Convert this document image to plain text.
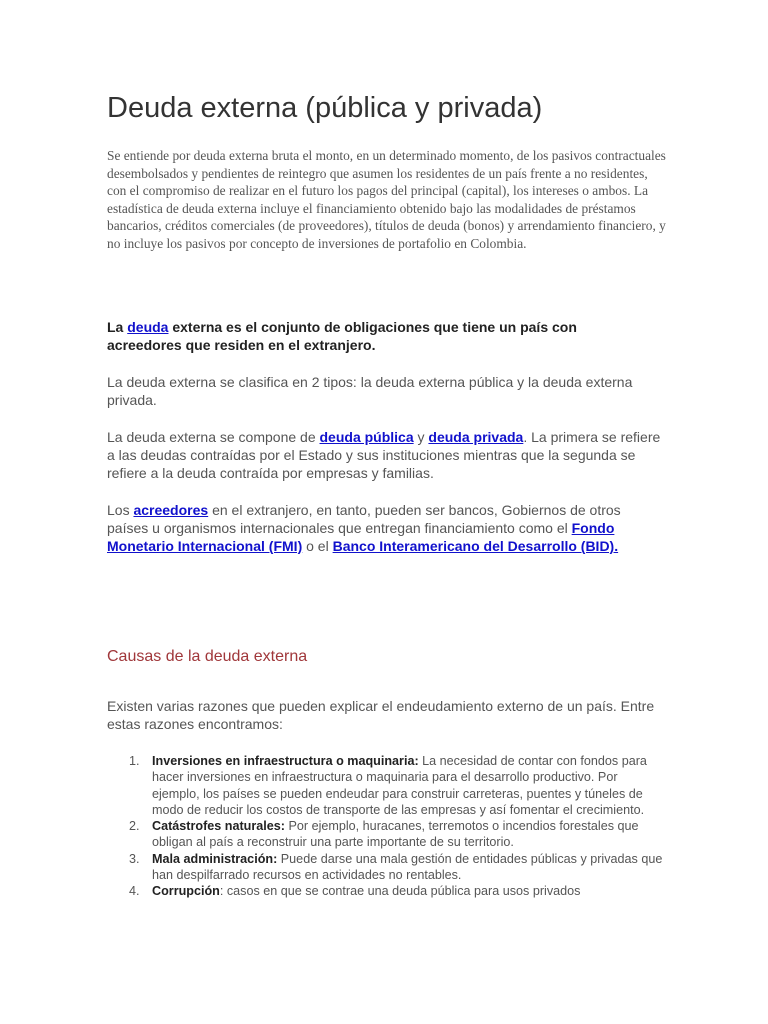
Deuda externa (pública y privada)

Se entiende por deuda externa bruta el monto, en un determinado momento, de los pasivos contractuales desembolsados y pendientes de reintegro que asumen los residentes de un país frente a no residentes, con el compromiso de realizar en el futuro los pagos del principal (capital), los intereses o ambos. La estadística de deuda externa incluye el financiamiento obtenido bajo las modalidades de préstamos bancarios, créditos comerciales (de proveedores), títulos de deuda (bonos) y arrendamiento financiero, y no incluye los pasivos por concepto de inversiones de portafolio en Colombia.

La deuda externa es el conjunto de obligaciones que tiene un país con acreedores que residen en el extranjero.

La deuda externa se clasifica en 2 tipos: la deuda externa pública y la deuda externa privada.

La deuda externa se compone de deuda pública y deuda privada. La primera se refiere a las deudas contraídas por el Estado y sus instituciones mientras que la segunda se refiere a la deuda contraída por empresas y familias.

Los acreedores en el extranjero, en tanto, pueden ser bancos, Gobiernos de otros países u organismos internacionales que entregan financiamiento como el Fondo Monetario Internacional (FMI) o el Banco Interamericano del Desarrollo (BID).

Causas de la deuda externa

Existen varias razones que pueden explicar el endeudamiento externo de un país. Entre estas razones encontramos:

1. Inversiones en infraestructura o maquinaria: La necesidad de contar con fondos para hacer inversiones en infraestructura o maquinaria para el desarrollo productivo. Por ejemplo, los países se pueden endeudar para construir carreteras, puentes y túneles de modo de reducir los costos de transporte de las empresas y así fomentar el crecimiento.
2. Catástrofes naturales: Por ejemplo, huracanes, terremotos o incendios forestales que obligan al país a reconstruir una parte importante de su territorio.
3. Mala administración: Puede darse una mala gestión de entidades públicas y privadas que han despilfarrado recursos en actividades no rentables.
4. Corrupción: casos en que se contrae una deuda pública para usos privados
